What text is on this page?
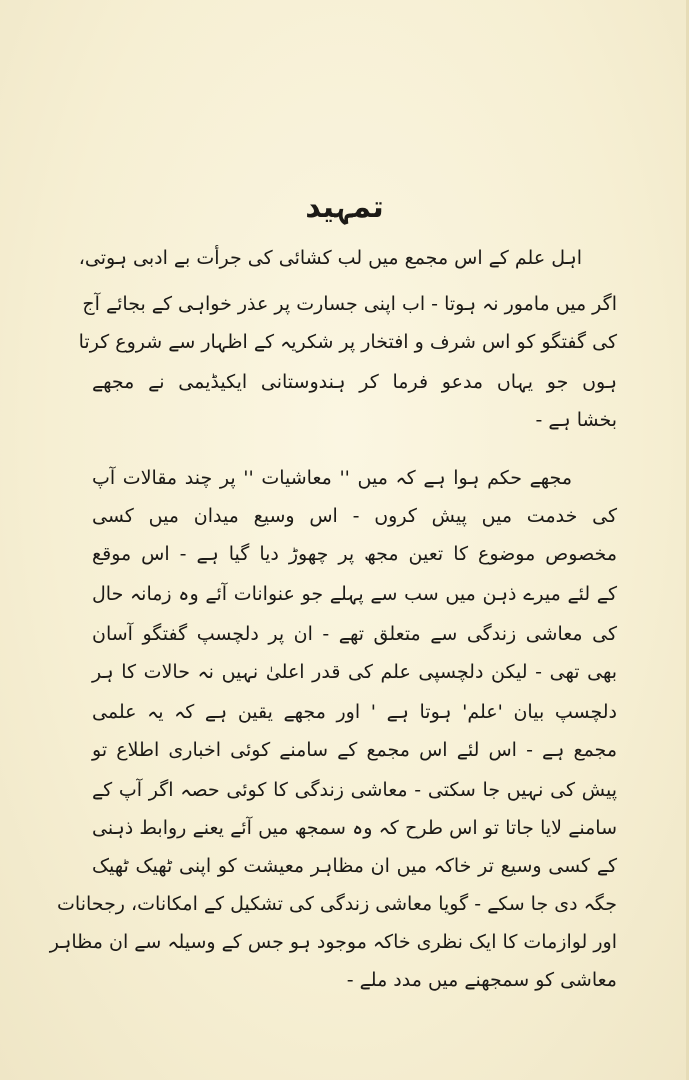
تمہید
اہل علم کے اس مجمع میں لب کشائی کی جرأت بے ادبی ہوتی،
اگر میں مامور نہ ہوتا - اب اپنی جسارت پر عذر خواہی کے بجائے آج
کی گفتگو کو اس شرف و افتخار پر شکریہ کے اظہار سے شروع کرتا
ہوں جو یہاں مدعو فرما کر ہندوستانی ایکیڈیمی نے مجھے
بخشا ہے -
مجھے حکم ہوا ہے کہ میں '' معاشیات '' پر چند مقالات آپ
کی خدمت میں پیش کروں - اس وسیع میدان میں کسی
مخصوص موضوع کا تعین مجھ پر چھوڑ دیا گیا ہے - اس موقع
کے لئے میرے ذہن میں سب سے پہلے جو عنوانات آئے وہ زمانہ حال
کی معاشی زندگی سے متعلق تھے - ان پر دلچسپ گفتگو آسان
بھی تھی - لیکن دلچسپی علم کی قدر اعلیٰ نہیں نہ حالات کا ہر
دلچسپ بیان 'علم' ہوتا ہے ' اور مجھے یقین ہے کہ یہ علمی
مجمع ہے - اس لئے اس مجمع کے سامنے کوئی اخباری اطلاع تو
پیش کی نہیں جا سکتی - معاشی زندگی کا کوئی حصہ اگر آپ کے
سامنے لایا جاتا تو اس طرح کہ وہ سمجھ میں آئے یعنے روابط ذہنی
کے کسی وسیع تر خاکہ میں ان مظاہر معیشت کو اپنی ٹھیک ٹھیک
جگہ دی جا سکے - گویا معاشی زندگی کی تشکیل کے امکانات، رجحانات
اور لوازمات کا ایک نظری خاکہ موجود ہو جس کے وسیلہ سے ان مظاہر
معاشی کو سمجھنے میں مدد ملے -
